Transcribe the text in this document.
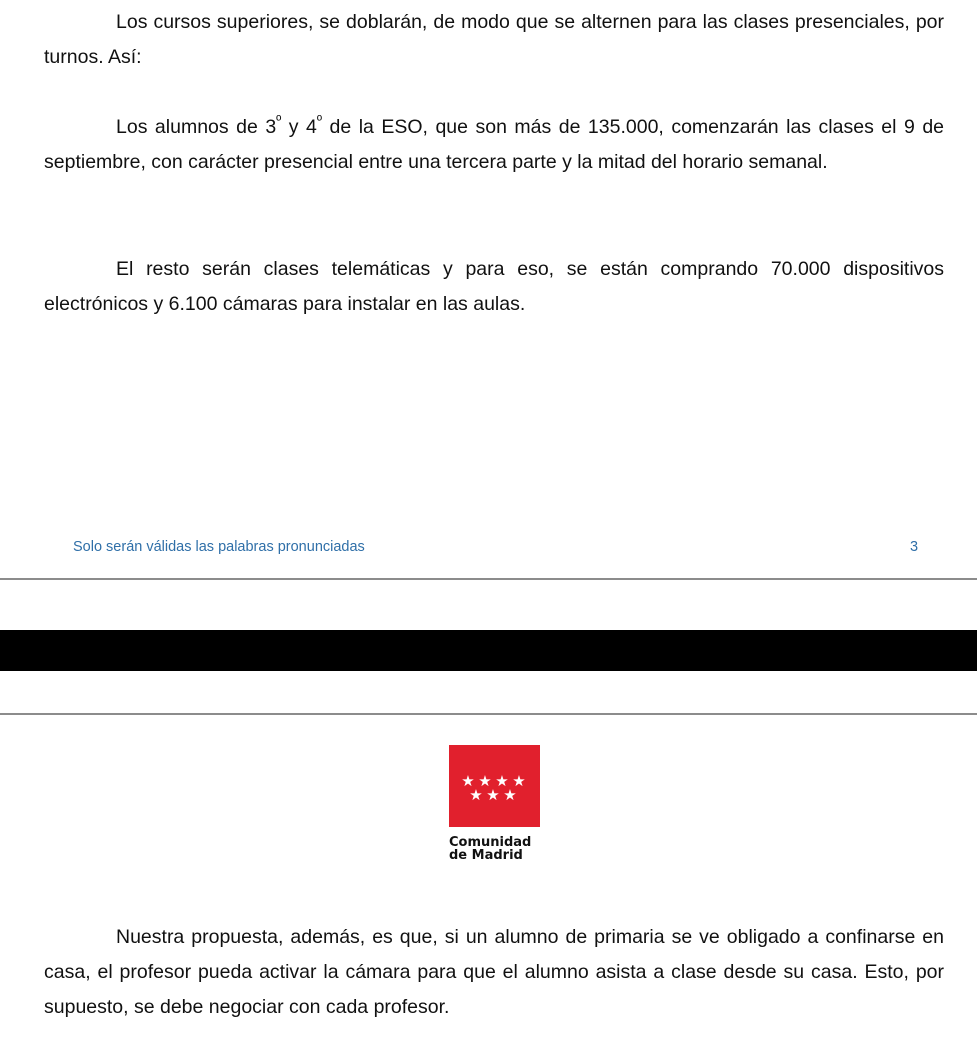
Los cursos superiores, se doblarán, de modo que se alternen para las clases presenciales, por turnos. Así:

Los alumnos de $3^º$ y $4^º$ de la ESO, que son más de 135.000, comenzarán las clases el 9 de septiembre, con carácter presencial entre una tercera parte y la mitad del horario semanal.

El resto serán clases telemáticas y para eso, se están comprando 70.000 dispositivos electrónicos y 6.100 cámaras para instalar en las aulas.

Solo serán válidas las palabras pronunciadas	3

★ ★ ★ ★
★ ★ ★
Comunidad
de Madrid

Nuestra propuesta, además, es que, si un alumno de primaria se ve obligado a confinarse en casa, el profesor pueda activar la cámara para que el alumno asista a clase desde su casa. Esto, por supuesto, se debe negociar con cada profesor.
